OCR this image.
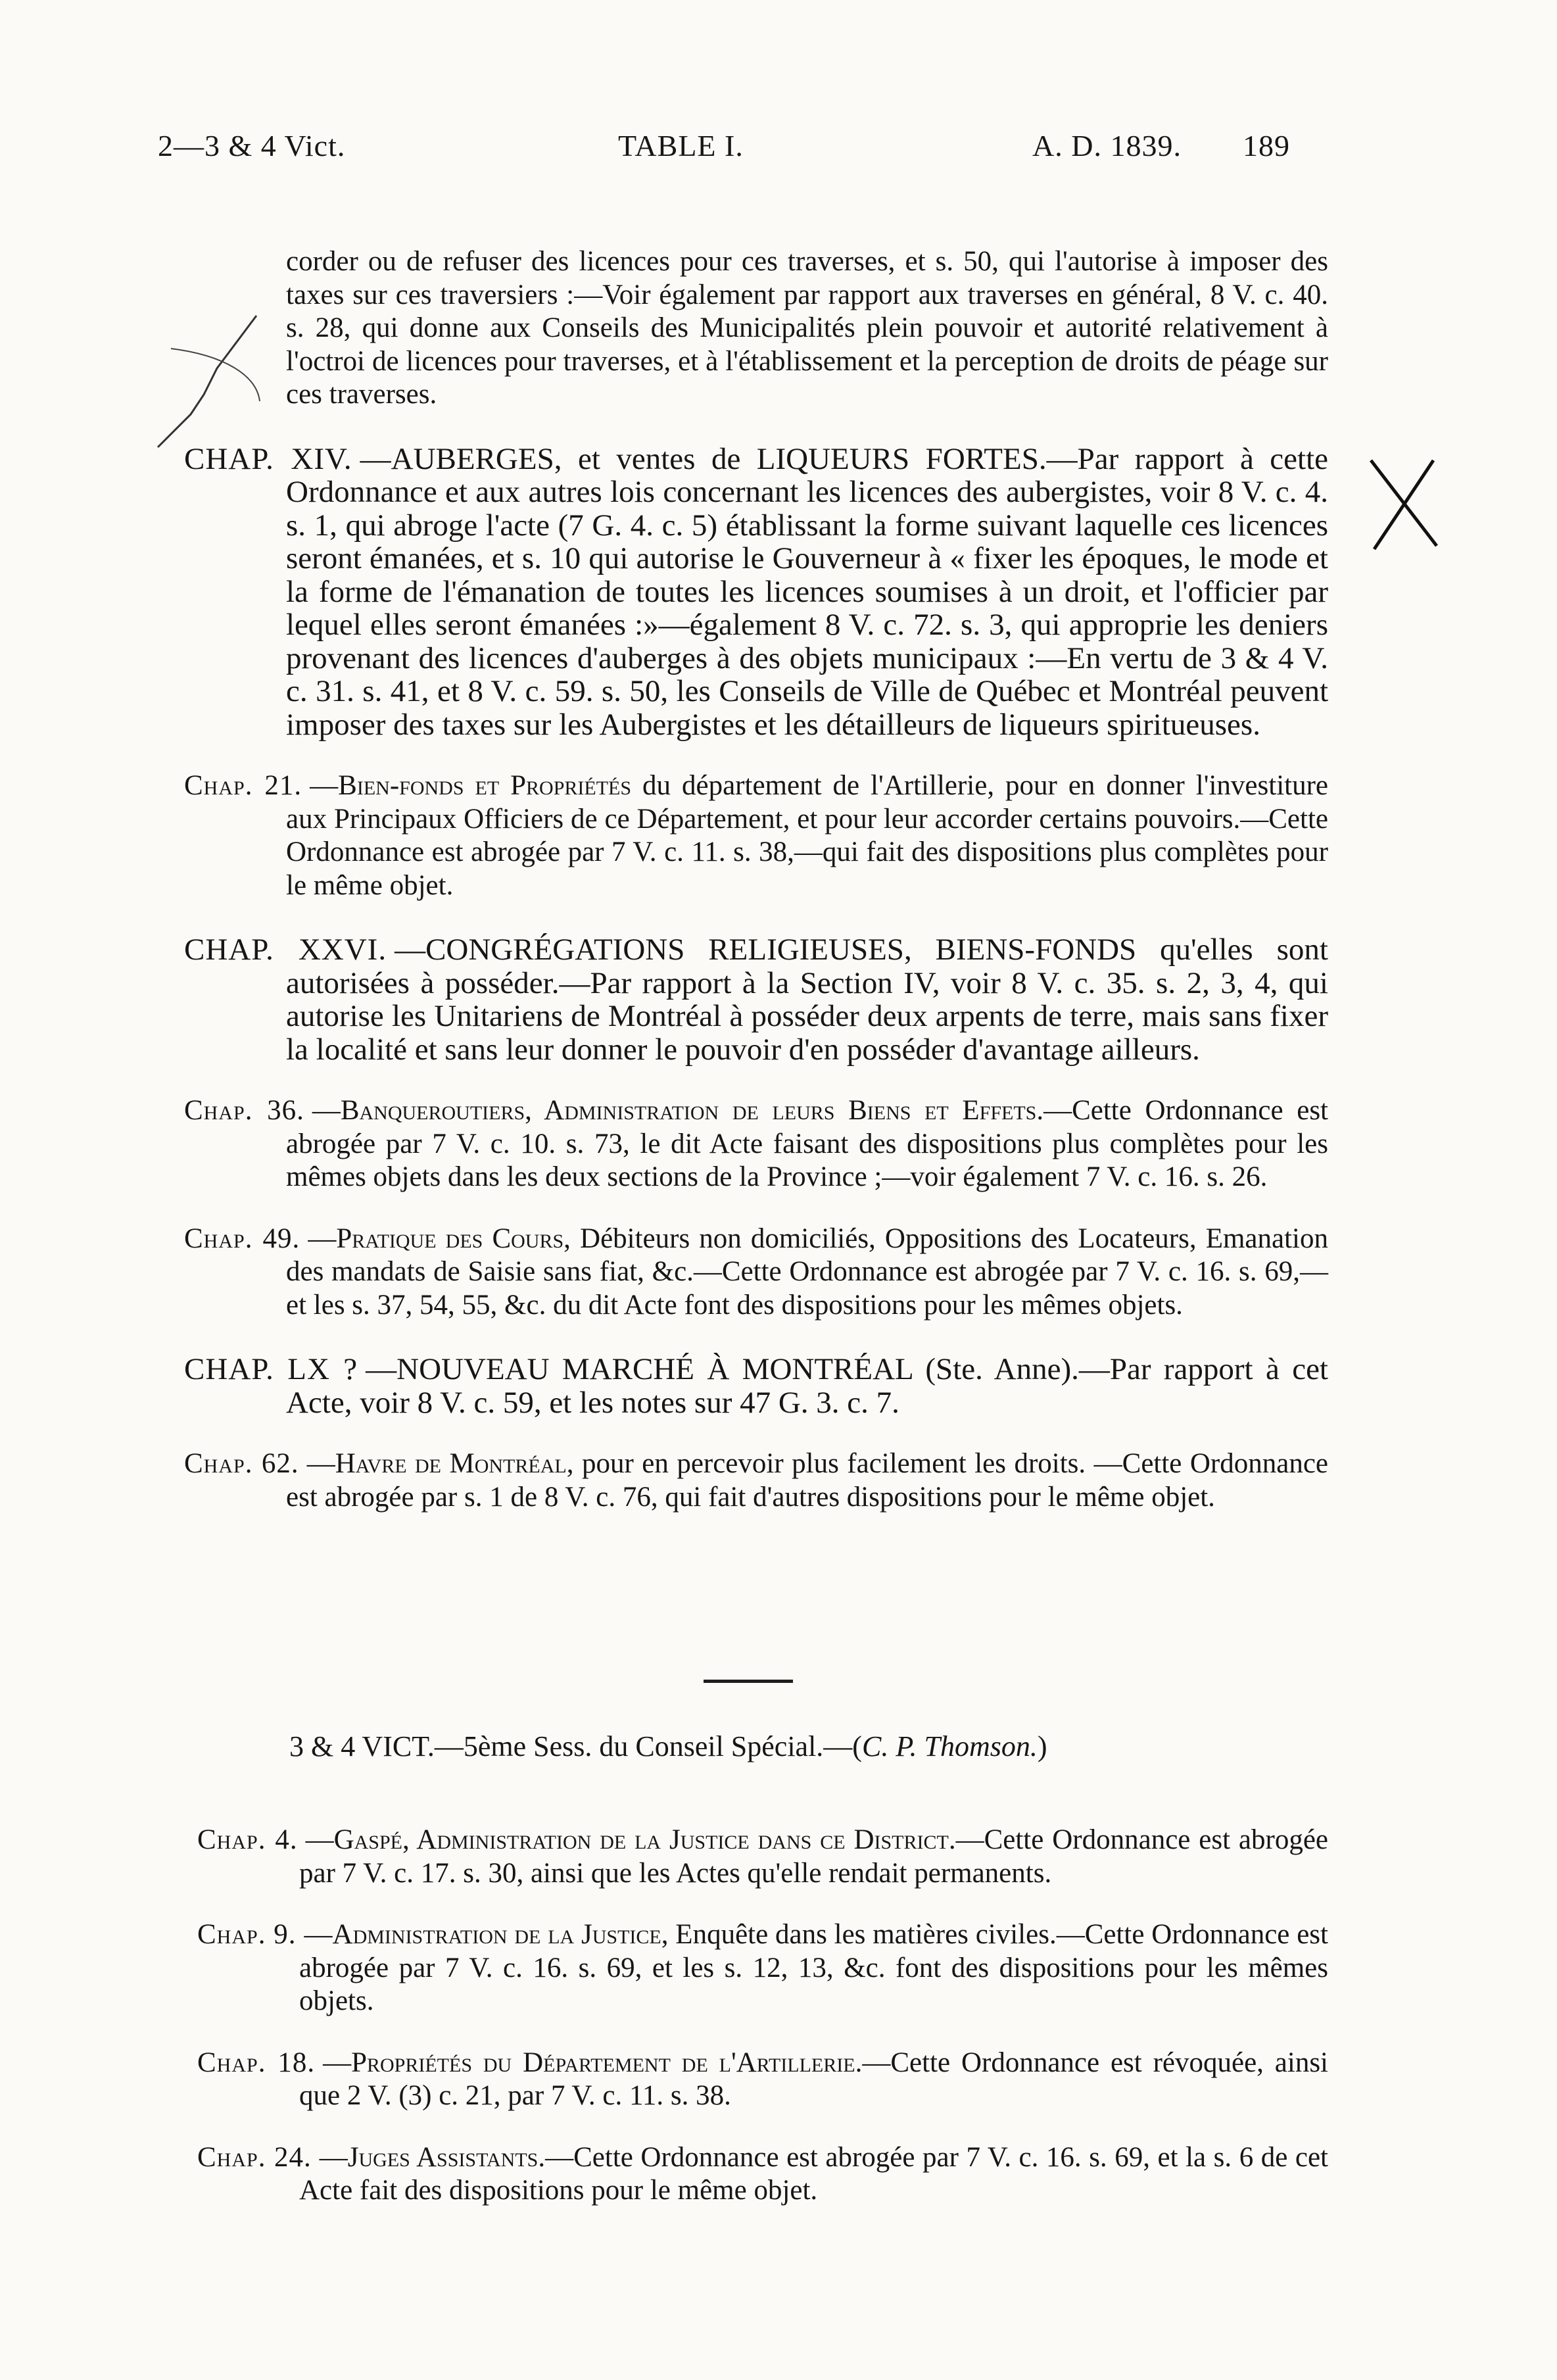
2—3 & 4 Vict.	TABLE I.	A. D. 1839. 189

corder ou de refuser des licences pour ces traverses, et s. 50, qui l'autorise à imposer des taxes sur ces traversiers :—Voir également par rapport aux traverses en général, 8 V. c. 40. s. 28, qui donne aux Conseils des Municipalités plein pouvoir et autorité relativement à l'octroi de licences pour traverses, et à l'établissement et la perception de droits de péage sur ces traverses.

CHAP. XIV. —AUBERGES, et ventes de LIQUEURS FORTES.—Par rapport à cette Ordonnance et aux autres lois concernant les licences des aubergistes, voir 8 V. c. 4. s. 1, qui abroge l'acte (7 G. 4. c. 5) établissant la forme suivant laquelle ces licences seront émanées, et s. 10 qui autorise le Gouverneur à « fixer les époques, le mode et la forme de l'émanation de toutes les licences soumises à un droit, et l'officier par lequel elles seront émanées :»—également 8 V. c. 72. s. 3, qui approprie les deniers provenant des licences d'auberges à des objets municipaux :—En vertu de 3 & 4 V. c. 31. s. 41, et 8 V. c. 59. s. 50, les Conseils de Ville de Québec et Montréal peuvent imposer des taxes sur les Aubergistes et les détailleurs de liqueurs spiritueuses.

Chap. 21. —Bien-fonds et Propriétés du département de l'Artillerie, pour en donner l'investiture aux Principaux Officiers de ce Département, et pour leur accorder certains pouvoirs.—Cette Ordonnance est abrogée par 7 V. c. 11. s. 38,—qui fait des dispositions plus complètes pour le même objet.

CHAP. XXVI. —CONGRÉGATIONS RELIGIEUSES, BIENS-FONDS qu'elles sont autorisées à posséder.—Par rapport à la Section IV, voir 8 V. c. 35. s. 2, 3, 4, qui autorise les Unitariens de Montréal à posséder deux arpents de terre, mais sans fixer la localité et sans leur donner le pouvoir d'en posséder d'avantage ailleurs.

Chap. 36. —Banqueroutiers, Administration de leurs Biens et Effets.—Cette Ordonnance est abrogée par 7 V. c. 10. s. 73, le dit Acte faisant des dispositions plus complètes pour les mêmes objets dans les deux sections de la Province ;—voir également 7 V. c. 16. s. 26.

Chap. 49. —Pratique des Cours, Débiteurs non domiciliés, Oppositions des Locateurs, Emanation des mandats de Saisie sans fiat, &c.—Cette Ordonnance est abrogée par 7 V. c. 16. s. 69,—et les s. 37, 54, 55, &c. du dit Acte font des dispositions pour les mêmes objets.

CHAP. LX ? —NOUVEAU MARCHÉ À MONTRÉAL (Ste. Anne).—Par rapport à cet Acte, voir 8 V. c. 59, et les notes sur 47 G. 3. c. 7.

Chap. 62. —Havre de Montréal, pour en percevoir plus facilement les droits. —Cette Ordonnance est abrogée par s. 1 de 8 V. c. 76, qui fait d'autres dispositions pour le même objet.

3 & 4 VICT.—5ème Sess. du Conseil Spécial.—(C. P. Thomson.)

Chap. 4. —Gaspé, Administration de la Justice dans ce District.—Cette Ordonnance est abrogée par 7 V. c. 17. s. 30, ainsi que les Actes qu'elle rendait permanents.

Chap. 9. —Administration de la Justice, Enquête dans les matières civiles.—Cette Ordonnance est abrogée par 7 V. c. 16. s. 69, et les s. 12, 13, &c. font des dispositions pour les mêmes objets.

Chap. 18. —Propriétés du Département de l'Artillerie.—Cette Ordonnance est révoquée, ainsi que 2 V. (3) c. 21, par 7 V. c. 11. s. 38.

Chap. 24. —Juges Assistants.—Cette Ordonnance est abrogée par 7 V. c. 16. s. 69, et la s. 6 de cet Acte fait des dispositions pour le même objet.
